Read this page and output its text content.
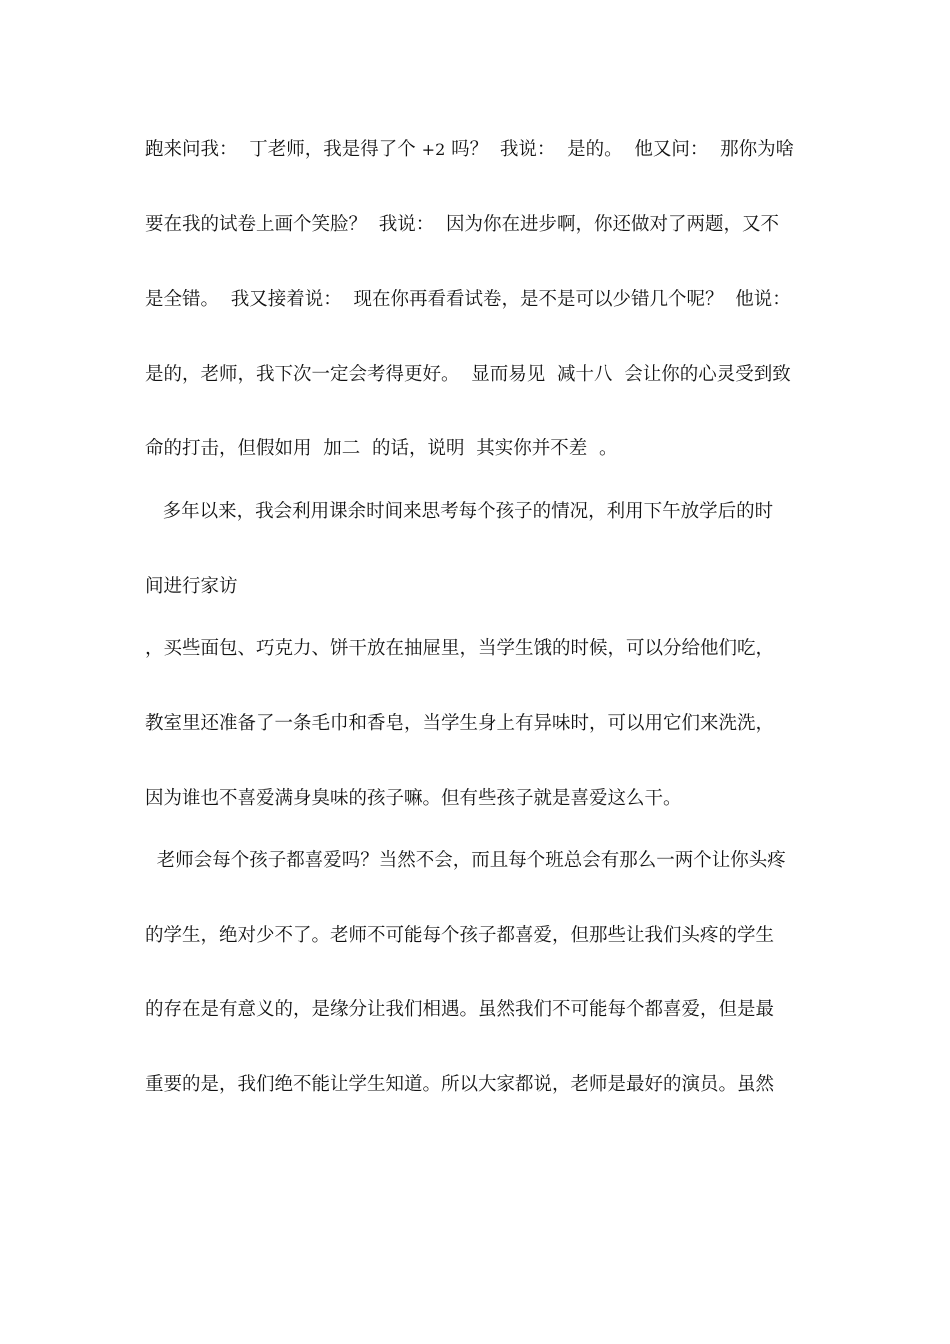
跑来问我：  丁老师，我是得了个 +2 吗？  我说：  是的。  他又问：  那你为啥
要在我的试卷上画个笑脸？  我说：  因为你在进步啊，你还做对了两题，又不
是全错。  我又接着说：  现在你再看看试卷，是不是可以少错几个呢？  他说：
是的，老师，我下次一定会考得更好。  显而易见  减十八  会让你的心灵受到致
命的打击，但假如用  加二  的话，说明  其实你并不差  。
多年以来，我会利用课余时间来思考每个孩子的情况，利用下午放学后的时
间进行家访
，买些面包、巧克力、饼干放在抽屉里，当学生饿的时候，可以分给他们吃，
教室里还准备了一条毛巾和香皂，当学生身上有异味时，可以用它们来洗洗，
因为谁也不喜爱满身臭味的孩子嘛。但有些孩子就是喜爱这么干。
老师会每个孩子都喜爱吗？当然不会，而且每个班总会有那么一两个让你头疼
的学生，绝对少不了。老师不可能每个孩子都喜爱，但那些让我们头疼的学生
的存在是有意义的，是缘分让我们相遇。虽然我们不可能每个都喜爱，但是最
重要的是，我们绝不能让学生知道。所以大家都说，老师是最好的演员。虽然
